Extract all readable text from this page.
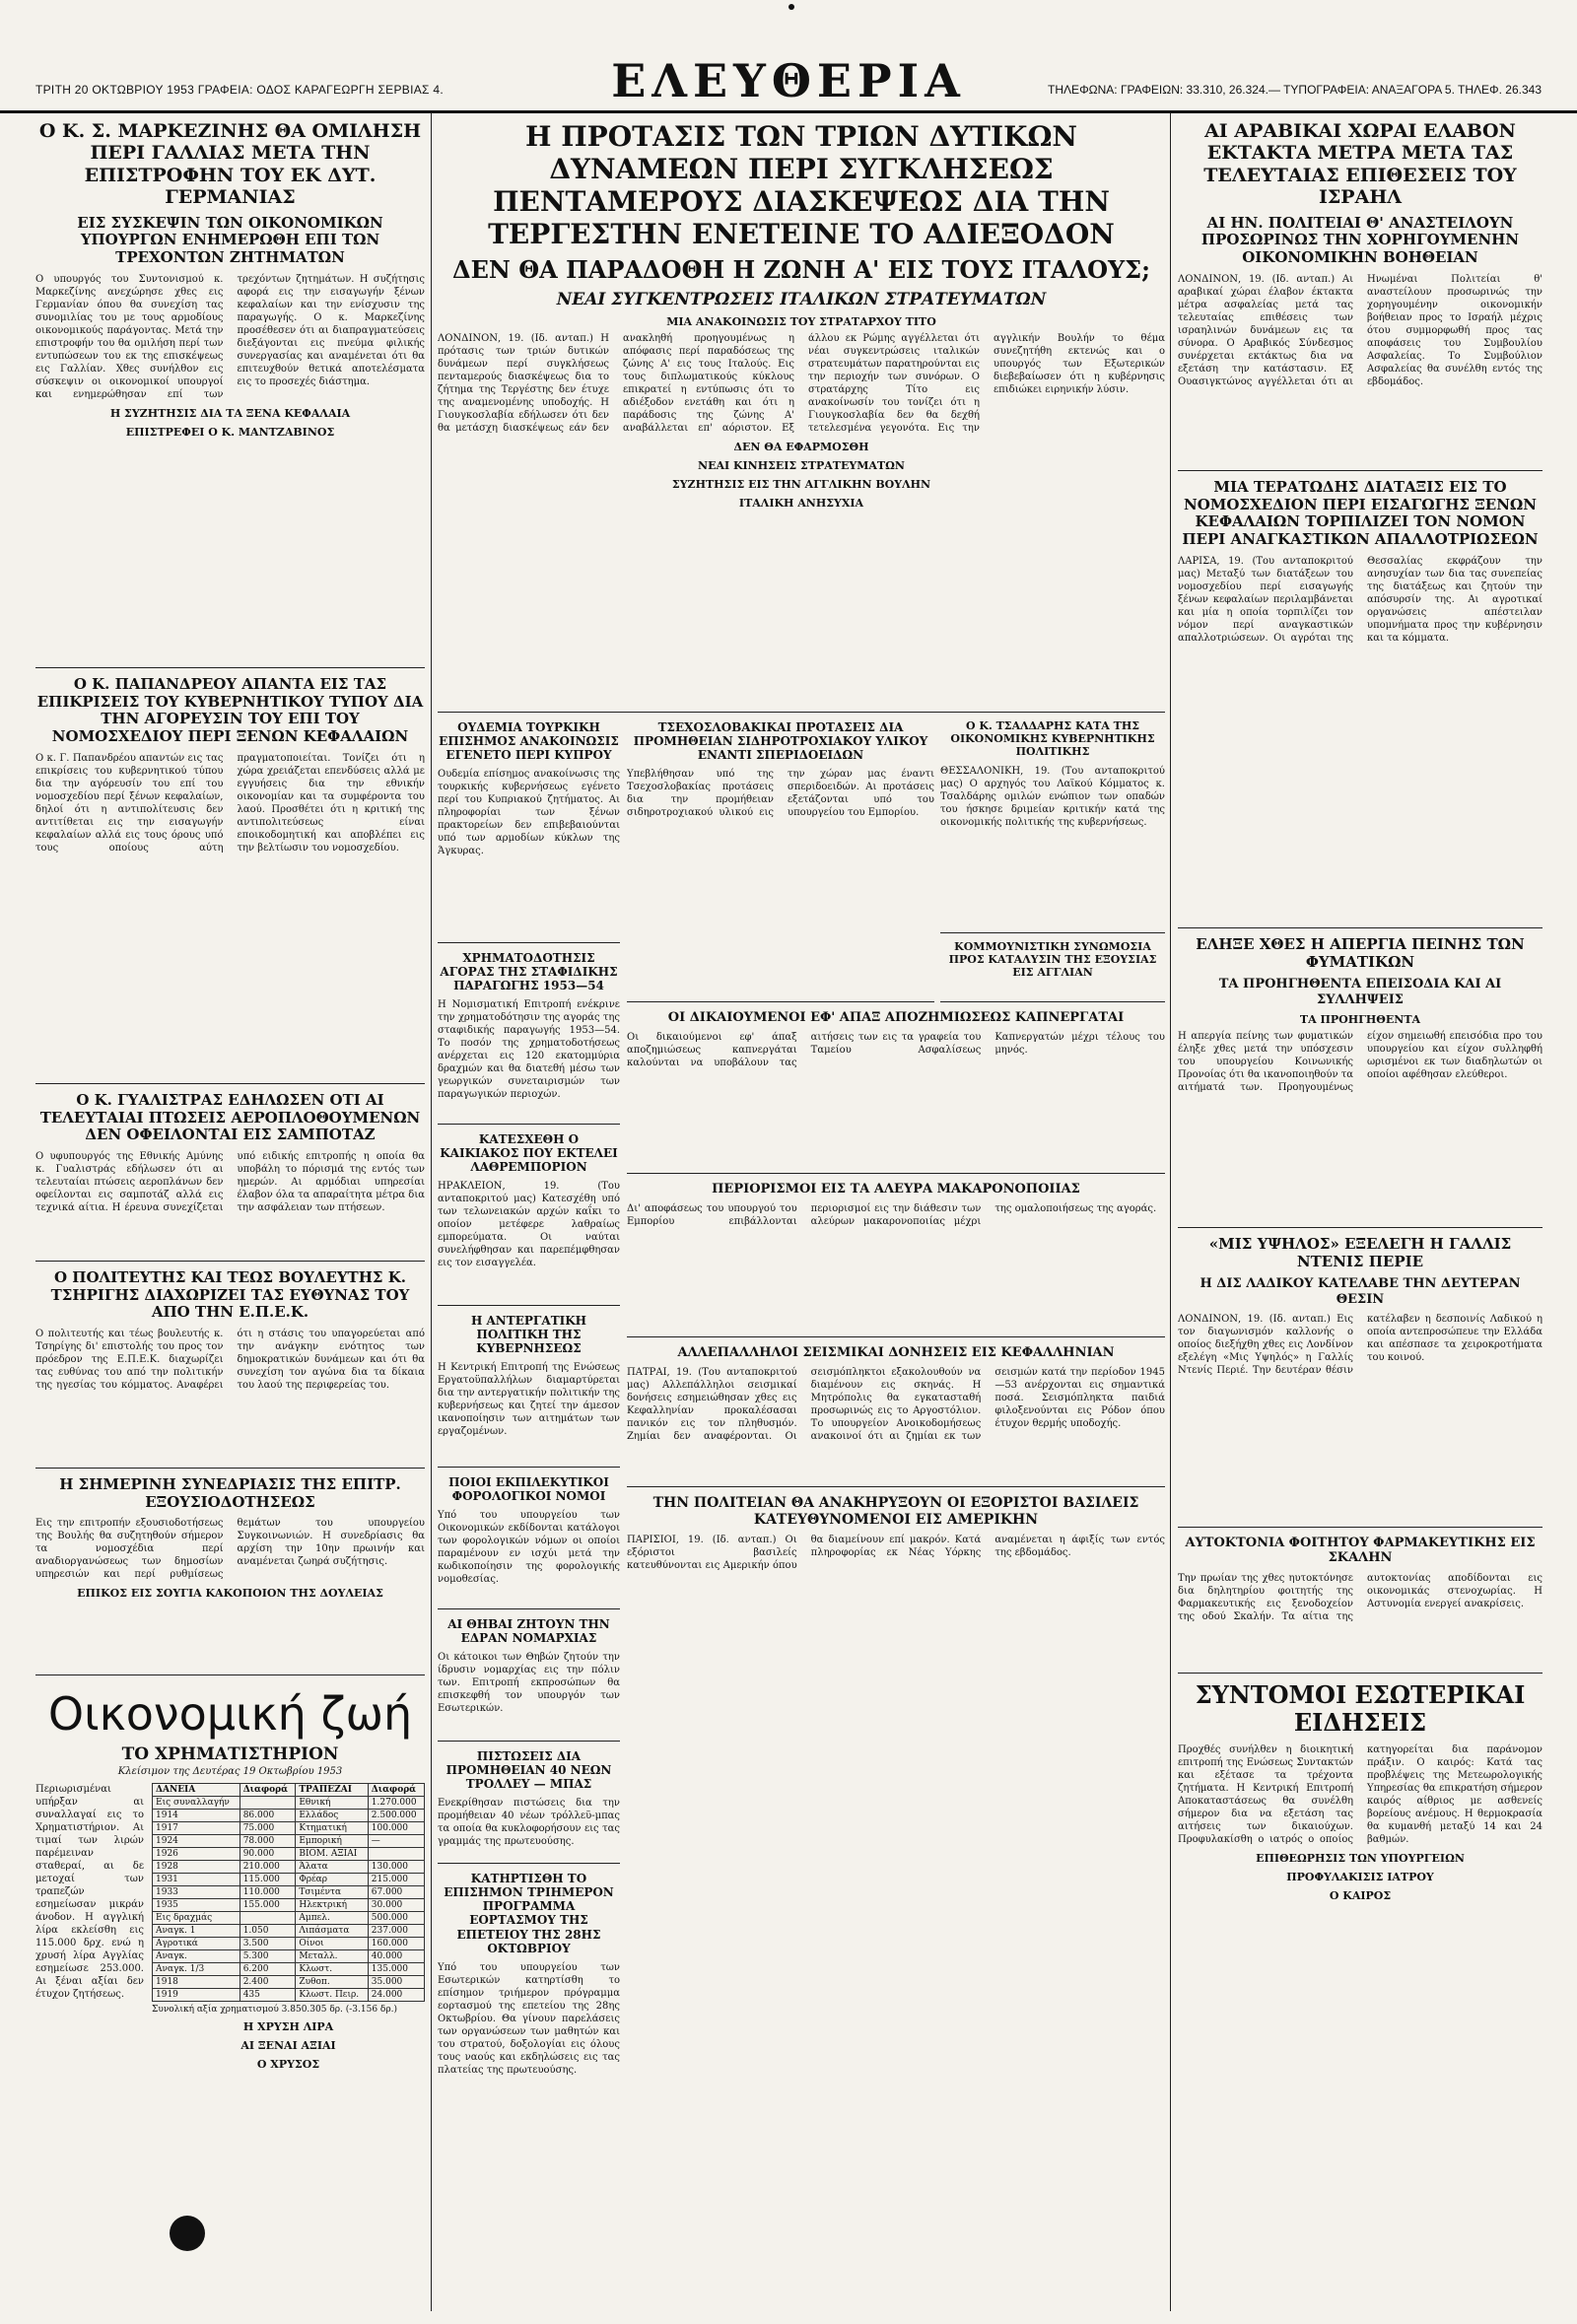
ΤΡΙΤΗ 20 ΟΚΤΩΒΡΙΟΥ 1953 ΓΡΑΦΕΙΑ: ΟΔΟΣ ΚΑΡΑΓΕΩΡΓΗ ΣΕΡΒΙΑΣ 4.	ΕΛΕΥΘΕΡΙΑ	ΤΗΛΕΦΩΝΑ: ΓΡΑΦΕΙΩΝ: 33.310, 26.324.— ΤΥΠΟΓΡΑΦΕΙΑ: ΑΝΑΞΑΓΟΡΑ 5. ΤΗΛΕΦ. 26.343
Ο Κ. Σ. ΜΑΡΚΕΖΙΝΗΣ ΘΑ ΟΜΙΛΗΣΗ ΠΕΡΙ ΓΑΛΛΙΑΣ ΜΕΤΑ ΤΗΝ ΕΠΙΣΤΡΟΦΗΝ ΤΟΥ ΕΚ ΔΥΤ. ΓΕΡΜΑΝΙΑΣ
ΕΙΣ ΣΥΣΚΕΨΙΝ ΤΩΝ ΟΙΚΟΝΟΜΙΚΩΝ ΥΠΟΥΡΓΩΝ ΕΝΗΜΕΡΩΘΗ ΕΠΙ ΤΩΝ ΤΡΕΧΟΝΤΩΝ ΖΗΤΗΜΑΤΩΝ
Ο υπουργός του Συντονισμού κ. Μαρκεζίνης ανεχώρησε χθες εις Γερμανίαν όπου θα συνεχίση τας συνομιλίας του με τους αρμοδίους οικονομικούς παράγοντας. Μετά την επιστροφήν του θα ομιλήση περί των εντυπώσεων του εκ της επισκέψεως εις Γαλλίαν. Χθες συνήλθον εις σύσκεψιν οι οικονομικοί υπουργοί και ενημερώθησαν επί των τρεχόντων ζητημάτων. Η συζήτησις αφορά εις την εισαγωγήν ξένων κεφαλαίων και την ενίσχυσιν της παραγωγής. Ο κ. Μαρκεζίνης προσέθεσεν ότι αι διαπραγματεύσεις διεξάγονται εις πνεύμα φιλικής συνεργασίας και αναμένεται ότι θα επιτευχθούν θετικά αποτελέσματα εις το προσεχές διάστημα.
Η ΣΥΖΗΤΗΣΙΣ ΔΙΑ ΤΑ ΞΕΝΑ ΚΕΦΑΛΑΙΑ
ΕΠΙΣΤΡΕΦΕΙ Ο Κ. ΜΑΝΤΖΑΒΙΝΟΣ
Ο Κ. ΠΑΠΑΝΔΡΕΟΥ ΑΠΑΝΤΑ ΕΙΣ ΤΑΣ ΕΠΙΚΡΙΣΕΙΣ ΤΟΥ ΚΥΒΕΡΝΗΤΙΚΟΥ ΤΥΠΟΥ ΔΙΑ ΤΗΝ ΑΓΟΡΕΥΣΙΝ ΤΟΥ ΕΠΙ ΤΟΥ ΝΟΜΟΣΧΕΔΙΟΥ ΠΕΡΙ ΞΕΝΩΝ ΚΕΦΑΛΑΙΩΝ
Ο κ. Γ. Παπανδρέου απαντών εις τας επικρίσεις του κυβερνητικού τύπου δια την αγόρευσίν του επί του νομοσχεδίου περί ξένων κεφαλαίων, δηλοί ότι η αντιπολίτευσις δεν αντιτίθεται εις την εισαγωγήν κεφαλαίων αλλά εις τους όρους υπό τους οποίους αύτη πραγματοποιείται. Τονίζει ότι η χώρα χρειάζεται επενδύσεις αλλά με εγγυήσεις δια την εθνικήν οικονομίαν και τα συμφέροντα του λαού. Προσθέτει ότι η κριτική της αντιπολιτεύσεως είναι εποικοδομητική και αποβλέπει εις την βελτίωσιν του νομοσχεδίου.
Ο Κ. ΓΥΑΛΙΣΤΡΑΣ ΕΔΗΛΩΣΕΝ ΟΤΙ ΑΙ ΤΕΛΕΥΤΑΙΑΙ ΠΤΩΣΕΙΣ ΑΕΡΟΠΛΟΘΟΥΜΕΝΩΝ ΔΕΝ ΟΦΕΙΛΟΝΤΑΙ ΕΙΣ ΣΑΜΠΟΤΑΖ
Ο υφυπουργός της Εθνικής Αμύνης κ. Γυαλιστράς εδήλωσεν ότι αι τελευταίαι πτώσεις αεροπλάνων δεν οφείλονται εις σαμποτάζ αλλά εις τεχνικά αίτια. Η έρευνα συνεχίζεται υπό ειδικής επιτροπής η οποία θα υποβάλη το πόρισμά της εντός των ημερών. Αι αρμόδιαι υπηρεσίαι έλαβον όλα τα απαραίτητα μέτρα δια την ασφάλειαν των πτήσεων.
Ο ΠΟΛΙΤΕΥΤΗΣ ΚΑΙ ΤΕΩΣ ΒΟΥΛΕΥΤΗΣ Κ. ΤΣΗΡΙΓΗΣ ΔΙΑΧΩΡΙΖΕΙ ΤΑΣ ΕΥΘΥΝΑΣ ΤΟΥ ΑΠΟ ΤΗΝ Ε.Π.Ε.Κ.
Ο πολιτευτής και τέως βουλευτής κ. Τσηρίγης δι' επιστολής του προς τον πρόεδρον της Ε.Π.Ε.Κ. διαχωρίζει τας ευθύνας του από την πολιτικήν της ηγεσίας του κόμματος. Αναφέρει ότι η στάσις του υπαγορεύεται από την ανάγκην ενότητος των δημοκρατικών δυνάμεων και ότι θα συνεχίση τον αγώνα δια τα δίκαια του λαού της περιφερείας του.
Η ΣΗΜΕΡΙΝΗ ΣΥΝΕΔΡΙΑΣΙΣ ΤΗΣ ΕΠΙΤΡ. ΕΞΟΥΣΙΟΔΟΤΗΣΕΩΣ
Εις την επιτροπήν εξουσιοδοτήσεως της Βουλής θα συζητηθούν σήμερον τα νομοσχέδια περί αναδιοργανώσεως των δημοσίων υπηρεσιών και περί ρυθμίσεως θεμάτων του υπουργείου Συγκοινωνιών. Η συνεδρίασις θα αρχίση την 10ην πρωινήν και αναμένεται ζωηρά συζήτησις.
ΕΠΙΚΟΣ ΕΙΣ ΣΟΥΓΙΑ ΚΑΚΟΠΟΙΟΝ ΤΗΣ ΔΟΥΛΕΙΑΣ
Οικονομική ζωή
ΤΟ ΧΡΗΜΑΤΙΣΤΗΡΙΟΝ
Κλείσιμον της Δευτέρας 19 Οκτωβρίου 1953
Περιωρισμέναι υπήρξαν αι συναλλαγαί εις το Χρηματιστήριον. Αι τιμαί των λιρών παρέμειναν σταθεραί, αι δε μετοχαί των τραπεζών εσημείωσαν μικράν άνοδον. Η αγγλική λίρα εκλείσθη εις 115.000 δρχ. ενώ η χρυσή λίρα Αγγλίας εσημείωσε 253.000. Αι ξέναι αξίαι δεν έτυχον ζητήσεως.
ΔΑΝΕΙΑ	Διαφορά	ΤΡΑΠΕΖΑΙ	Διαφορά
Εις συναλλαγήν		Εθνική	1.270.000
1914	86.000	Ελλάδος	2.500.000
1917	75.000	Κτηματική	100.000
1924	78.000	Εμπορική	—
1926	90.000	ΒΙΟΜ. ΑΞΙΑΙ	
1928	210.000	Άλατα	130.000
1931	115.000	Φρέαρ	215.000
1933	110.000	Τσιμέντα	67.000
1935	155.000	Ηλεκτρική	30.000
Εις δραχμάς		Αμπελ.	500.000
Αναγκ. 1	1.050	Λιπάσματα	237.000
Αγροτικά	3.500	Οίνοι	160.000
Αναγκ.	5.300	Μεταλλ.	40.000
Αναγκ. 1/3	6.200	Κλωστ.	135.000
1918	2.400	Ζυθοπ.	35.000
1919	435	Κλωστ. Πειρ.	24.000
Συνολική αξία χρηματισμού 3.850.305 δρ. (-3.156 δρ.)
Η ΧΡΥΣΗ ΛΙΡΑ
ΑΙ ΞΕΝΑΙ ΑΞΙΑΙ
Ο ΧΡΥΣΟΣ
Η ΠΡΟΤΑΣΙΣ ΤΩΝ ΤΡΙΩΝ ΔΥΤΙΚΩΝ ΔΥΝΑΜΕΩΝ ΠΕΡΙ ΣΥΓΚΛΗΣΕΩΣ ΠΕΝΤΑΜΕΡΟΥΣ ΔΙΑΣΚΕΨΕΩΣ ΔΙΑ ΤΗΝ ΤΕΡΓΕΣΤΗΝ ΕΝΕΤΕΙΝΕ ΤΟ ΑΔΙΕΞΟΔΟΝ
ΔΕΝ ΘΑ ΠΑΡΑΔΟΘΗ Η ΖΩΝΗ Α' ΕΙΣ ΤΟΥΣ ΙΤΑΛΟΥΣ;
ΝΕΑΙ ΣΥΓΚΕΝΤΡΩΣΕΙΣ ΙΤΑΛΙΚΩΝ ΣΤΡΑΤΕΥΜΑΤΩΝ
ΜΙΑ ΑΝΑΚΟΙΝΩΣΙΣ ΤΟΥ ΣΤΡΑΤΑΡΧΟΥ ΤΙΤΟ
ΛΟΝΔΙΝΟΝ, 19. (Ιδ. ανταπ.) Η πρότασις των τριών δυτικών δυνάμεων περί συγκλήσεως πενταμερούς διασκέψεως δια το ζήτημα της Τεργέστης δεν έτυχε της αναμενομένης υποδοχής. Η Γιουγκοσλαβία εδήλωσεν ότι δεν θα μετάσχη διασκέψεως εάν δεν ανακληθή προηγουμένως η απόφασις περί παραδόσεως της ζώνης Α' εις τους Ιταλούς. Εις τους διπλωματικούς κύκλους επικρατεί η εντύπωσις ότι το αδιέξοδον ενετάθη και ότι η παράδοσις της ζώνης Α' αναβάλλεται επ' αόριστον. Εξ άλλου εκ Ρώμης αγγέλλεται ότι νέαι συγκεντρώσεις ιταλικών στρατευμάτων παρατηρούνται εις την περιοχήν των συνόρων. Ο στρατάρχης Τίτο εις ανακοίνωσίν του τονίζει ότι η Γιουγκοσλαβία δεν θα δεχθή τετελεσμένα γεγονότα. Εις την αγγλικήν Βουλήν το θέμα συνεζητήθη εκτενώς και ο υπουργός των Εξωτερικών διεβεβαίωσεν ότι η κυβέρνησις επιδιώκει ειρηνικήν λύσιν.
ΔΕΝ ΘΑ ΕΦΑΡΜΟΣΘΗ
ΝΕΑΙ ΚΙΝΗΣΕΙΣ ΣΤΡΑΤΕΥΜΑΤΩΝ
ΣΥΖΗΤΗΣΙΣ ΕΙΣ ΤΗΝ ΑΓΓΛΙΚΗΝ ΒΟΥΛΗΝ
ΙΤΑΛΙΚΗ ΑΝΗΣΥΧΙΑ
ΟΥΔΕΜΙΑ ΤΟΥΡΚΙΚΗ ΕΠΙΣΗΜΟΣ ΑΝΑΚΟΙΝΩΣΙΣ ΕΓΕΝΕΤΟ ΠΕΡΙ ΚΥΠΡΟΥ
Ουδεμία επίσημος ανακοίνωσις της τουρκικής κυβερνήσεως εγένετο περί του Κυπριακού ζητήματος. Αι πληροφορίαι των ξένων πρακτορείων δεν επιβεβαιούνται υπό των αρμοδίων κύκλων της Άγκυρας.
ΧΡΗΜΑΤΟΔΟΤΗΣΙΣ ΑΓΟΡΑΣ ΤΗΣ ΣΤΑΦΙΔΙΚΗΣ ΠΑΡΑΓΩΓΗΣ 1953—54
Η Νομισματική Επιτροπή ενέκρινε την χρηματοδότησιν της αγοράς της σταφιδικής παραγωγής 1953—54. Το ποσόν της χρηματοδοτήσεως ανέρχεται εις 120 εκατομμύρια δραχμών και θα διατεθή μέσω των γεωργικών συνεταιρισμών των παραγωγικών περιοχών.
ΚΑΤΕΣΧΕΘΗ Ο ΚΑΙΚΙΑΚΟΣ ΠΟΥ ΕΚΤΕΛΕΙ ΛΑΘΡΕΜΠΟΡΙΟΝ
ΗΡΑΚΛΕΙΟΝ, 19. (Του ανταποκριτού μας) Κατεσχέθη υπό των τελωνειακών αρχών καΐκι το οποίον μετέφερε λαθραίως εμπορεύματα. Οι ναύται συνελήφθησαν και παρεπέμφθησαν εις τον εισαγγελέα.
Η ΑΝΤΕΡΓΑΤΙΚΗ ΠΟΛΙΤΙΚΗ ΤΗΣ ΚΥΒΕΡΝΗΣΕΩΣ
Η Κεντρική Επιτροπή της Ενώσεως Εργατοϋπαλλήλων διαμαρτύρεται δια την αντεργατικήν πολιτικήν της κυβερνήσεως και ζητεί την άμεσον ικανοποίησιν των αιτημάτων των εργαζομένων.
ΠΟΙΟΙ ΕΚΠΙΛΕΚΥΤΙΚΟΙ ΦΟΡΟΛΟΓΙΚΟΙ ΝΟΜΟΙ
Υπό του υπουργείου των Οικονομικών εκδίδονται κατάλογοι των φορολογικών νόμων οι οποίοι παραμένουν εν ισχύι μετά την κωδικοποίησιν της φορολογικής νομοθεσίας.
ΑΙ ΘΗΒΑΙ ΖΗΤΟΥΝ ΤΗΝ ΕΔΡΑΝ ΝΟΜΑΡΧΙΑΣ
Οι κάτοικοι των Θηβών ζητούν την ίδρυσιν νομαρχίας εις την πόλιν των. Επιτροπή εκπροσώπων θα επισκεφθή τον υπουργόν των Εσωτερικών.
ΠΙΣΤΩΣΕΙΣ ΔΙΑ ΠΡΟΜΗΘΕΙΑΝ 40 ΝΕΩΝ ΤΡΟΛΛΕΥ — ΜΠΑΣ
Ενεκρίθησαν πιστώσεις δια την προμήθειαν 40 νέων τρόλλεϋ-μπας τα οποία θα κυκλοφορήσουν εις τας γραμμάς της πρωτευούσης.
ΚΑΤΗΡΤΙΣΘΗ ΤΟ ΕΠΙΣΗΜΟΝ ΤΡΙΗΜΕΡΟΝ ΠΡΟΓΡΑΜΜΑ ΕΟΡΤΑΣΜΟΥ ΤΗΣ ΕΠΕΤΕΙΟΥ ΤΗΣ 28ΗΣ ΟΚΤΩΒΡΙΟΥ
Υπό του υπουργείου των Εσωτερικών κατηρτίσθη το επίσημον τριήμερον πρόγραμμα εορτασμού της επετείου της 28ης Οκτωβρίου. Θα γίνουν παρελάσεις των οργανώσεων των μαθητών και του στρατού, δοξολογίαι εις όλους τους ναούς και εκδηλώσεις εις τας πλατείας της πρωτευούσης.
ΤΣΕΧΟΣΛΟΒΑΚΙΚΑΙ ΠΡΟΤΑΣΕΙΣ ΔΙΑ ΠΡΟΜΗΘΕΙΑΝ ΣΙΔΗΡΟΤΡΟΧΙΑΚΟΥ ΥΛΙΚΟΥ ΕΝΑΝΤΙ ΣΠΕΡΙΔΟΕΙΔΩΝ
Υπεβλήθησαν υπό της Τσεχοσλοβακίας προτάσεις δια την προμήθειαν σιδηροτροχιακού υλικού εις την χώραν μας έναντι σπεριδοειδών. Αι προτάσεις εξετάζονται υπό του υπουργείου του Εμπορίου.
ΟΙ ΔΙΚΑΙΟΥΜΕΝΟΙ ΕΦ' ΑΠΑΞ ΑΠΟΖΗΜΙΩΣΕΩΣ ΚΑΠΝΕΡΓΑΤΑΙ
Οι δικαιούμενοι εφ' άπαξ αποζημιώσεως καπνεργάται καλούνται να υποβάλουν τας αιτήσεις των εις τα γραφεία του Ταμείου Ασφαλίσεως Καπνεργατών μέχρι τέλους του μηνός.
ΠΕΡΙΟΡΙΣΜΟΙ ΕΙΣ ΤΑ ΑΛΕΥΡΑ ΜΑΚΑΡΟΝΟΠΟΙΙΑΣ
Δι' αποφάσεως του υπουργού του Εμπορίου επιβάλλονται περιορισμοί εις την διάθεσιν των αλεύρων μακαρονοποιίας μέχρι της ομαλοποιήσεως της αγοράς.
ΑΛΛΕΠΑΛΛΗΛΟΙ ΣΕΙΣΜΙΚΑΙ ΔΟΝΗΣΕΙΣ ΕΙΣ ΚΕΦΑΛΛΗΝΙΑΝ
ΠΑΤΡΑΙ, 19. (Του ανταποκριτού μας) Αλλεπάλληλοι σεισμικαί δονήσεις εσημειώθησαν χθες εις Κεφαλληνίαν προκαλέσασαι πανικόν εις τον πληθυσμόν. Ζημίαι δεν αναφέρονται. Οι σεισμόπληκτοι εξακολουθούν να διαμένουν εις σκηνάς. Η Μητρόπολις θα εγκατασταθή προσωρινώς εις το Αργοστόλιον. Το υπουργείον Ανοικοδομήσεως ανακοινοί ότι αι ζημίαι εκ των σεισμών κατά την περίοδον 1945—53 ανέρχονται εις σημαντικά ποσά. Σεισμόπληκτα παιδιά φιλοξενούνται εις Ρόδον όπου έτυχον θερμής υποδοχής.
ΤΗΝ ΠΟΛΙΤΕΙΑΝ ΘΑ ΑΝΑΚΗΡΥΞΟΥΝ ΟΙ ΕΞΟΡΙΣΤΟΙ ΒΑΣΙΛΕΙΣ ΚΑΤΕΥΘΥΝΟΜΕΝΟΙ ΕΙΣ ΑΜΕΡΙΚΗΝ
ΠΑΡΙΣΙΟΙ, 19. (Ιδ. ανταπ.) Οι εξόριστοι βασιλείς κατευθύνονται εις Αμερικήν όπου θα διαμείνουν επί μακρόν. Κατά πληροφορίας εκ Νέας Υόρκης αναμένεται η άφιξίς των εντός της εβδομάδος.
Ο Κ. ΤΣΑΛΔΑΡΗΣ ΚΑΤΑ ΤΗΣ ΟΙΚΟΝΟΜΙΚΗΣ ΚΥΒΕΡΝΗΤΙΚΗΣ ΠΟΛΙΤΙΚΗΣ
ΘΕΣΣΑΛΟΝΙΚΗ, 19. (Του ανταποκριτού μας) Ο αρχηγός του Λαϊκού Κόμματος κ. Τσαλδάρης ομιλών ενώπιον των οπαδών του ήσκησε δριμείαν κριτικήν κατά της οικονομικής πολιτικής της κυβερνήσεως.
ΚΟΜΜΟΥΝΙΣΤΙΚΗ ΣΥΝΩΜΟΣΙΑ ΠΡΟΣ ΚΑΤΑΛΥΣΙΝ ΤΗΣ ΕΞΟΥΣΙΑΣ ΕΙΣ ΑΓΓΛΙΑΝ
ΑΙ ΑΡΑΒΙΚΑΙ ΧΩΡΑΙ ΕΛΑΒΟΝ ΕΚΤΑΚΤΑ ΜΕΤΡΑ ΜΕΤΑ ΤΑΣ ΤΕΛΕΥΤΑΙΑΣ ΕΠΙΘΕΣΕΙΣ ΤΟΥ ΙΣΡΑΗΛ
ΑΙ ΗΝ. ΠΟΛΙΤΕΙΑΙ Θ' ΑΝΑΣΤΕΙΛΟΥΝ ΠΡΟΣΩΡΙΝΩΣ ΤΗΝ ΧΟΡΗΓΟΥΜΕΝΗΝ ΟΙΚΟΝΟΜΙΚΗΝ ΒΟΗΘΕΙΑΝ
ΛΟΝΔΙΝΟΝ, 19. (Ιδ. ανταπ.) Αι αραβικαί χώραι έλαβον έκτακτα μέτρα ασφαλείας μετά τας τελευταίας επιθέσεις των ισραηλινών δυνάμεων εις τα σύνορα. Ο Αραβικός Σύνδεσμος συνέρχεται εκτάκτως δια να εξετάση την κατάστασιν. Εξ Ουασιγκτώνος αγγέλλεται ότι αι Ηνωμέναι Πολιτείαι θ' αναστείλουν προσωρινώς την χορηγουμένην οικονομικήν βοήθειαν προς το Ισραήλ μέχρις ότου συμμορφωθή προς τας αποφάσεις του Συμβουλίου Ασφαλείας. Το Συμβούλιον Ασφαλείας θα συνέλθη εντός της εβδομάδος.
ΜΙΑ ΤΕΡΑΤΩΔΗΣ ΔΙΑΤΑΞΙΣ ΕΙΣ ΤΟ ΝΟΜΟΣΧΕΔΙΟΝ ΠΕΡΙ ΕΙΣΑΓΩΓΗΣ ΞΕΝΩΝ ΚΕΦΑΛΑΙΩΝ ΤΟΡΠΙΛΙΖΕΙ ΤΟΝ ΝΟΜΟΝ ΠΕΡΙ ΑΝΑΓΚΑΣΤΙΚΩΝ ΑΠΑΛΛΟΤΡΙΩΣΕΩΝ
ΛΑΡΙΣΑ, 19. (Του ανταποκριτού μας) Μεταξύ των διατάξεων του νομοσχεδίου περί εισαγωγής ξένων κεφαλαίων περιλαμβάνεται και μία η οποία τορπιλίζει τον νόμον περί αναγκαστικών απαλλοτριώσεων. Οι αγρόται της Θεσσαλίας εκφράζουν την ανησυχίαν των δια τας συνεπείας της διατάξεως και ζητούν την απόσυρσίν της. Αι αγροτικαί οργανώσεις απέστειλαν υπομνήματα προς την κυβέρνησιν και τα κόμματα.
ΕΛΗΞΕ ΧΘΕΣ Η ΑΠΕΡΓΙΑ ΠΕΙΝΗΣ ΤΩΝ ΦΥΜΑΤΙΚΩΝ
ΤΑ ΠΡΟΗΓΗΘΕΝΤΑ ΕΠΕΙΣΟΔΙΑ ΚΑΙ ΑΙ ΣΥΛΛΗΨΕΙΣ
ΤΑ ΠΡΟΗΓΗΘΕΝΤΑ
Η απεργία πείνης των φυματικών έληξε χθες μετά την υπόσχεσιν του υπουργείου Κοινωνικής Προνοίας ότι θα ικανοποιηθούν τα αιτήματά των. Προηγουμένως είχον σημειωθή επεισόδια προ του υπουργείου και είχον συλληφθή ωρισμένοι εκ των διαδηλωτών οι οποίοι αφέθησαν ελεύθεροι.
«ΜΙΣ ΥΨΗΛΟΣ» ΕΞΕΛΕΓΗ Η ΓΑΛΛΙΣ ΝΤΕΝΙΣ ΠΕΡΙΕ
Η ΔΙΣ ΛΑΔΙΚΟΥ ΚΑΤΕΛΑΒΕ ΤΗΝ ΔΕΥΤΕΡΑΝ ΘΕΣΙΝ
ΛΟΝΔΙΝΟΝ, 19. (Ιδ. ανταπ.) Εις τον διαγωνισμόν καλλονής ο οποίος διεξήχθη χθες εις Λονδίνον εξελέγη «Μις Υψηλός» η Γαλλίς Ντενίς Περιέ. Την δευτέραν θέσιν κατέλαβεν η δεσποινίς Λαδικού η οποία αντεπροσώπευε την Ελλάδα και απέσπασε τα χειροκροτήματα του κοινού.
ΑΥΤΟΚΤΟΝΙΑ ΦΟΙΤΗΤΟΥ ΦΑΡΜΑΚΕΥΤΙΚΗΣ ΕΙΣ ΣΚΑΛΗΝ
Την πρωίαν της χθες ηυτοκτόνησε δια δηλητηρίου φοιτητής της Φαρμακευτικής εις ξενοδοχείον της οδού Σκαλήν. Τα αίτια της αυτοκτονίας αποδίδονται εις οικονομικάς στενοχωρίας. Η Αστυνομία ενεργεί ανακρίσεις.
ΣΥΝΤΟΜΟΙ ΕΣΩΤΕΡΙΚΑΙ ΕΙΔΗΣΕΙΣ
Προχθές συνήλθεν η διοικητική επιτροπή της Ενώσεως Συντακτών και εξέτασε τα τρέχοντα ζητήματα. Η Κεντρική Επιτροπή Αποκαταστάσεως θα συνέλθη σήμερον δια να εξετάση τας αιτήσεις των δικαιούχων. Προφυλακίσθη ο ιατρός ο οποίος κατηγορείται δια παράνομον πράξιν. Ο καιρός: Κατά τας προβλέψεις της Μετεωρολογικής Υπηρεσίας θα επικρατήση σήμερον καιρός αίθριος με ασθενείς βορείους ανέμους. Η θερμοκρασία θα κυμανθή μεταξύ 14 και 24 βαθμών.
ΕΠΙΘΕΩΡΗΣΙΣ ΤΩΝ ΥΠΟΥΡΓΕΙΩΝ
ΠΡΟΦΥΛΑΚΙΣΙΣ ΙΑΤΡΟΥ
Ο ΚΑΙΡΟΣ
